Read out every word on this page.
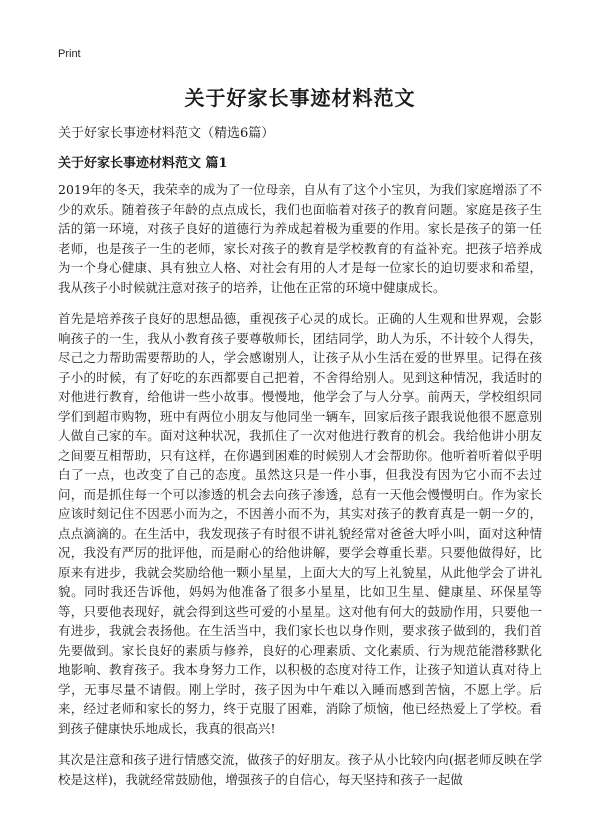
Print
关于好家长事迹材料范文
关于好家长事迹材料范文（精选6篇）
关于好家长事迹材料范文 篇1

2019年的冬天，我荣幸的成为了一位母亲，自从有了这个小宝贝，为我们家庭增添了不少的欢乐。随着孩子年龄的点点成长，我们也面临着对孩子的教育问题。家庭是孩子生活的第一环境，对孩子良好的道德行为养成起着极为重要的作用。家长是孩子的第一任老师，也是孩子一生的老师，家长对孩子的教育是学校教育的有益补充。把孩子培养成为一个身心健康、具有独立人格、对社会有用的人才是每一位家长的迫切要求和希望，我从孩子小时候就注意对孩子的培养，让他在正常的环境中健康成长。

首先是培养孩子良好的思想品德，重视孩子心灵的成长。正确的人生观和世界观，会影响孩子的一生，我从小教育孩子要尊敬师长，团结同学，助人为乐，不计较个人得失，尽己之力帮助需要帮助的人，学会感谢别人，让孩子从小生活在爱的世界里。记得在孩子小的时候，有了好吃的东西都要自己把着，不舍得给别人。见到这种情况，我适时的对他进行教育，给他讲一些小故事。慢慢地，他学会了与人分享。前两天，学校组织同学们到超市购物，班中有两位小朋友与他同坐一辆车，回家后孩子跟我说他很不愿意别人做自己家的车。面对这种状况，我抓住了一次对他进行教育的机会。我给他讲小朋友之间要互相帮助，只有这样，在你遇到困难的时候别人才会帮助你。他听着听着似乎明白了一点，也改变了自己的态度。虽然这只是一件小事，但我没有因为它小而不去过问，而是抓住每一个可以渗透的机会去向孩子渗透，总有一天他会慢慢明白。作为家长应该时刻记住不因恶小而为之，不因善小而不为，其实对孩子的教育真是一朝一夕的，点点滴滴的。在生活中，我发现孩子有时很不讲礼貌经常对爸爸大呼小叫，面对这种情况，我没有严厉的批评他，而是耐心的给他讲解，要学会尊重长辈。只要他做得好，比原来有进步，我就会奖励给他一颗小星星，上面大大的写上礼貌星，从此他学会了讲礼貌。同时我还告诉他，妈妈为他准备了很多小星星，比如卫生星、健康星、环保星等等，只要他表现好，就会得到这些可爱的小星星。这对他有何大的鼓励作用，只要他一有进步，我就会表扬他。在生活当中，我们家长也以身作则，要求孩子做到的，我们首先要做到。家长良好的素质与修养，良好的心理素质、文化素质、行为规范能潜移默化地影响、教育孩子。我本身努力工作，以积极的态度对待工作，让孩子知道认真对待上学，无事尽量不请假。刚上学时，孩子因为中午难以入睡而感到苦恼，不愿上学。后来，经过老师和家长的努力，终于克服了困难，消除了烦恼，他已经热爱上了学校。看到孩子健康快乐地成长，我真的很高兴!

其次是注意和孩子进行情感交流，做孩子的好朋友。孩子从小比较内向(据老师反映在学校是这样)，我就经常鼓励他，增强孩子的自信心，每天坚持和孩子一起做
